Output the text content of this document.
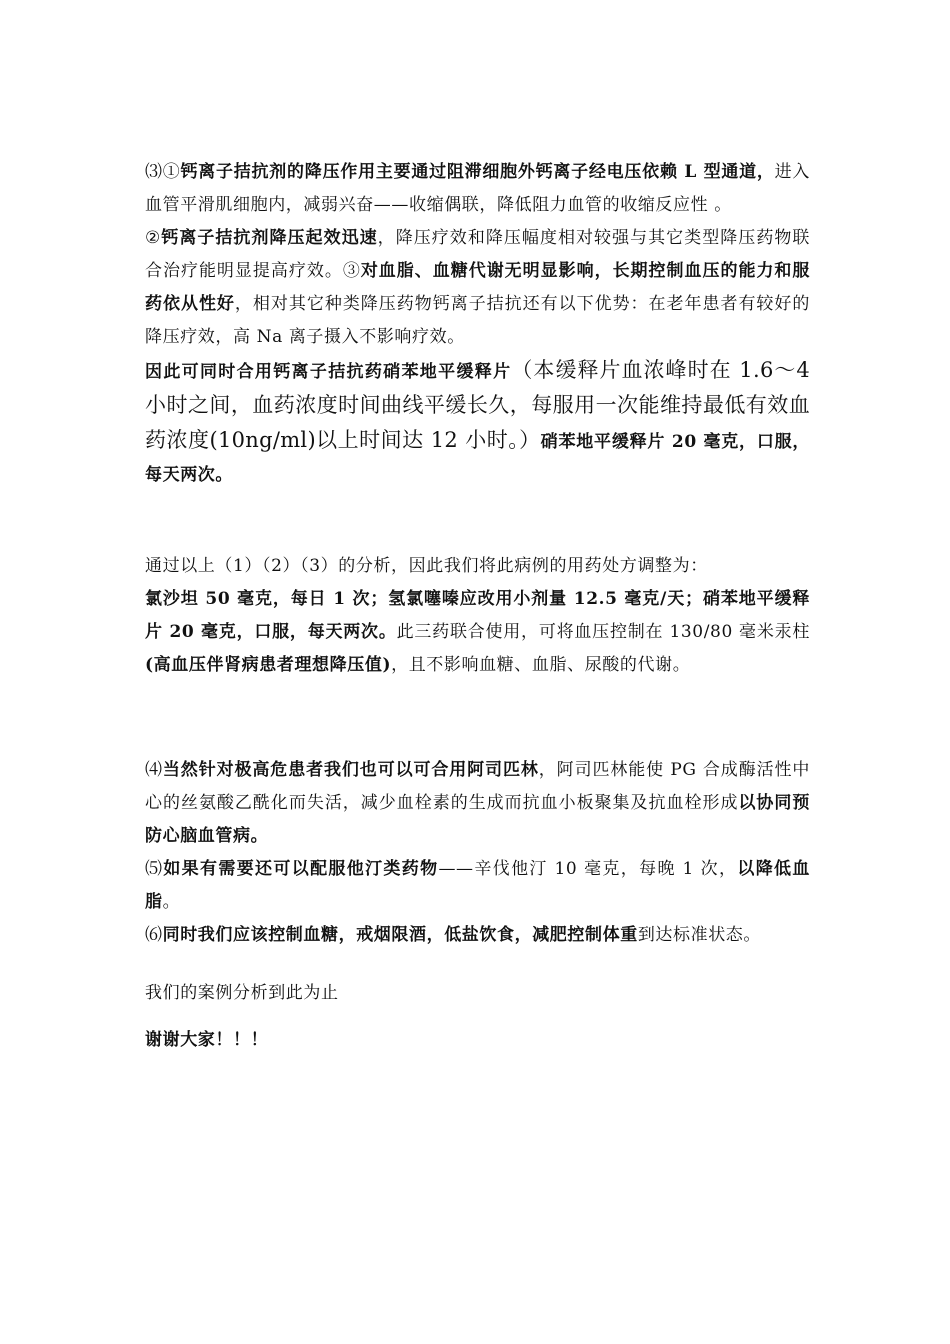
⑶①钙离子拮抗剂的降压作用主要通过阻滞细胞外钙离子经电压依赖 L 型通道，进入血管平滑肌细胞内，减弱兴奋——收缩偶联，降低阻力血管的收缩反应性 。

②钙离子拮抗剂降压起效迅速，降压疗效和降压幅度相对较强与其它类型降压药物联合治疗能明显提高疗效。③对血脂、血糖代谢无明显影响，长期控制血压的能力和服药依从性好，相对其它种类降压药物钙离子拮抗还有以下优势：在老年患者有较好的降压疗效，高 Na 离子摄入不影响疗效。

因此可同时合用钙离子拮抗药硝苯地平缓释片（本缓释片血浓峰时在 1.6～4 小时之间，血药浓度时间曲线平缓长久，每服用一次能维持最低有效血药浓度(10ng/ml)以上时间达 12 小时。）硝苯地平缓释片 20 毫克，口服，每天两次。

通过以上（1）（2）（3）的分析，因此我们将此病例的用药处方调整为：

氯沙坦 50 毫克，每日 1 次；氢氯噻嗪应改用小剂量 12.5 毫克/天；硝苯地平缓释片 20 毫克，口服，每天两次。此三药联合使用，可将血压控制在 130/80 毫米汞柱(高血压伴肾病患者理想降压值)，且不影响血糖、血脂、尿酸的代谢。

⑷当然针对极高危患者我们也可以可合用阿司匹林，阿司匹林能使 PG 合成酶活性中心的丝氨酸乙酰化而失活，减少血栓素的生成而抗血小板聚集及抗血栓形成以协同预防心脑血管病。

⑸如果有需要还可以配服他汀类药物——辛伐他汀 10 毫克，每晚 1 次，以降低血脂。

⑹同时我们应该控制血糖，戒烟限酒，低盐饮食，减肥控制体重到达标准状态。

我们的案例分析到此为止

谢谢大家！！！
